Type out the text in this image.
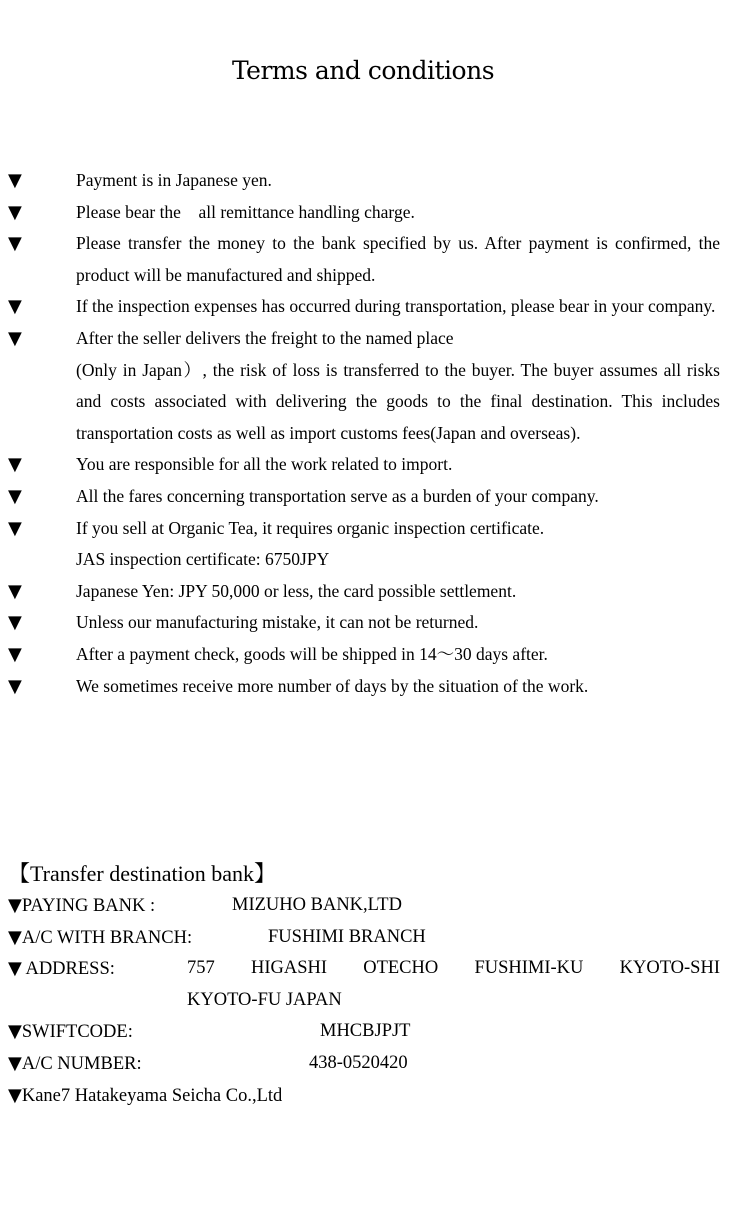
Terms and conditions
▼	Payment is in Japanese yen.
▼	Please bear the　all remittance handling charge.
▼	Please transfer the money to the bank specified by us. After payment is confirmed, the product will be manufactured and shipped.
▼	If the inspection expenses has occurred during transportation, please bear in your company.
▼	After the seller delivers the freight to the named place
(Only in Japan）, the risk of loss is transferred to the buyer. The buyer assumes all risks and costs associated with delivering the goods to the final destination. This includes transportation costs as well as import customs fees(Japan and overseas).
▼	You are responsible for all the work related to import.
▼	All the fares concerning transportation serve as a burden of your company.
▼	If you sell at Organic Tea, it requires organic inspection certificate.
JAS inspection certificate: 6750JPY
▼	Japanese Yen: JPY 50,000 or less, the card possible settlement.
▼	Unless our manufacturing mistake, it can not be returned.
▼	After a payment check, goods will be shipped in 14～30 days after.
▼	We sometimes receive more number of days by the situation of the work.
【Transfer destination bank】
▼PAYING BANK :	MIZUHO BANK,LTD
▼A/C WITH BRANCH:	FUSHIMI BRANCH
▼ ADDRESS:	757 HIGASHI OTECHO FUSHIMI-KU KYOTO-SHI
KYOTO-FU JAPAN
▼SWIFTCODE:	MHCBJPJT
▼A/C NUMBER:	438-0520420
▼Kane7 Hatakeyama Seicha Co.,Ltd
